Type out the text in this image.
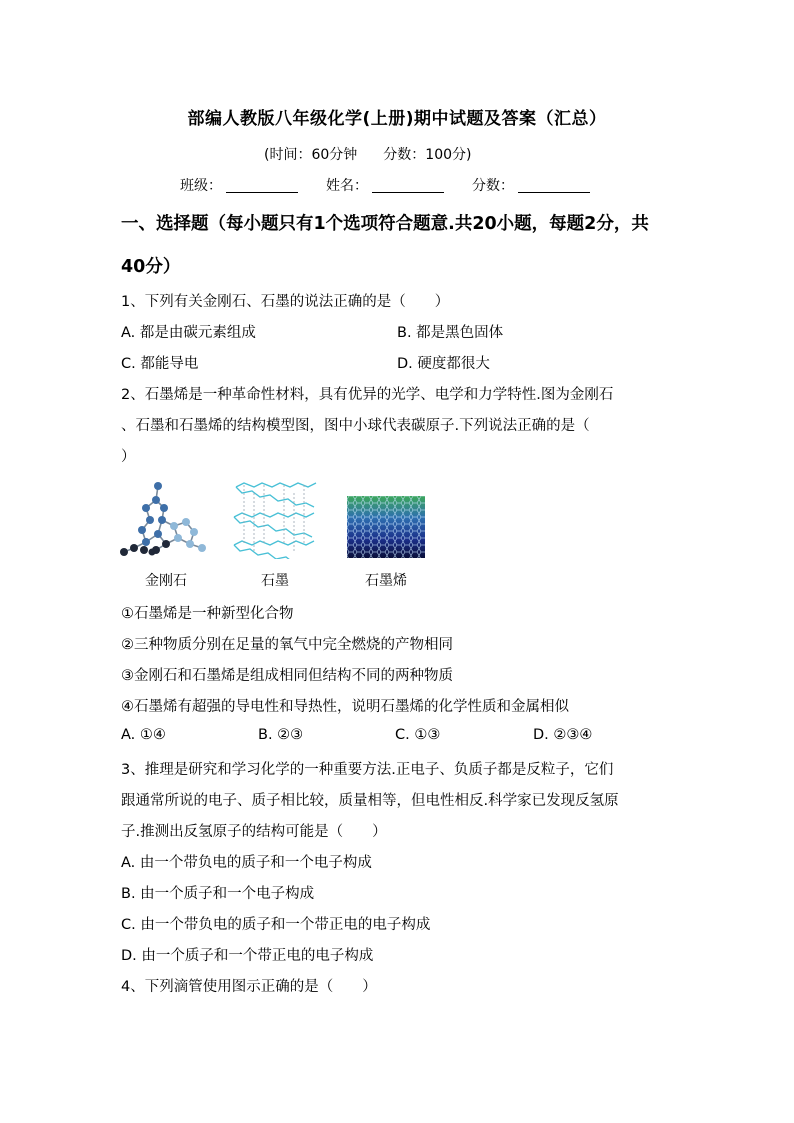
部编人教版八年级化学(上册)期中试题及答案（汇总）
(时间：60分钟 分数：100分)
班级：	姓名：	分数：
一、选择题（每小题只有1个选项符合题意.共20小题，每题2分，共
40分）
1、下列有关金刚石、石墨的说法正确的是（　　）
A. 都是由碳元素组成	B. 都是黑色固体
C. 都能导电	D. 硬度都很大
2、石墨烯是一种革命性材料，具有优异的光学、电学和力学特性.图为金刚石
、石墨和石墨烯的结构模型图，图中小球代表碳原子.下列说法正确的是（
）
金刚石	石墨	石墨烯
①石墨烯是一种新型化合物
②三种物质分别在足量的氧气中完全燃烧的产物相同
③金刚石和石墨烯是组成相同但结构不同的两种物质
④石墨烯有超强的导电性和导热性，说明石墨烯的化学性质和金属相似
A. ①④	B. ②③	C. ①③	D. ②③④
3、推理是研究和学习化学的一种重要方法.正电子、负质子都是反粒子，它们
跟通常所说的电子、质子相比较，质量相等，但电性相反.科学家已发现反氢原
子.推测出反氢原子的结构可能是（　　）
A. 由一个带负电的质子和一个电子构成
B. 由一个质子和一个电子构成
C. 由一个带负电的质子和一个带正电的电子构成
D. 由一个质子和一个带正电的电子构成
4、下列滴管使用图示正确的是（　　）
